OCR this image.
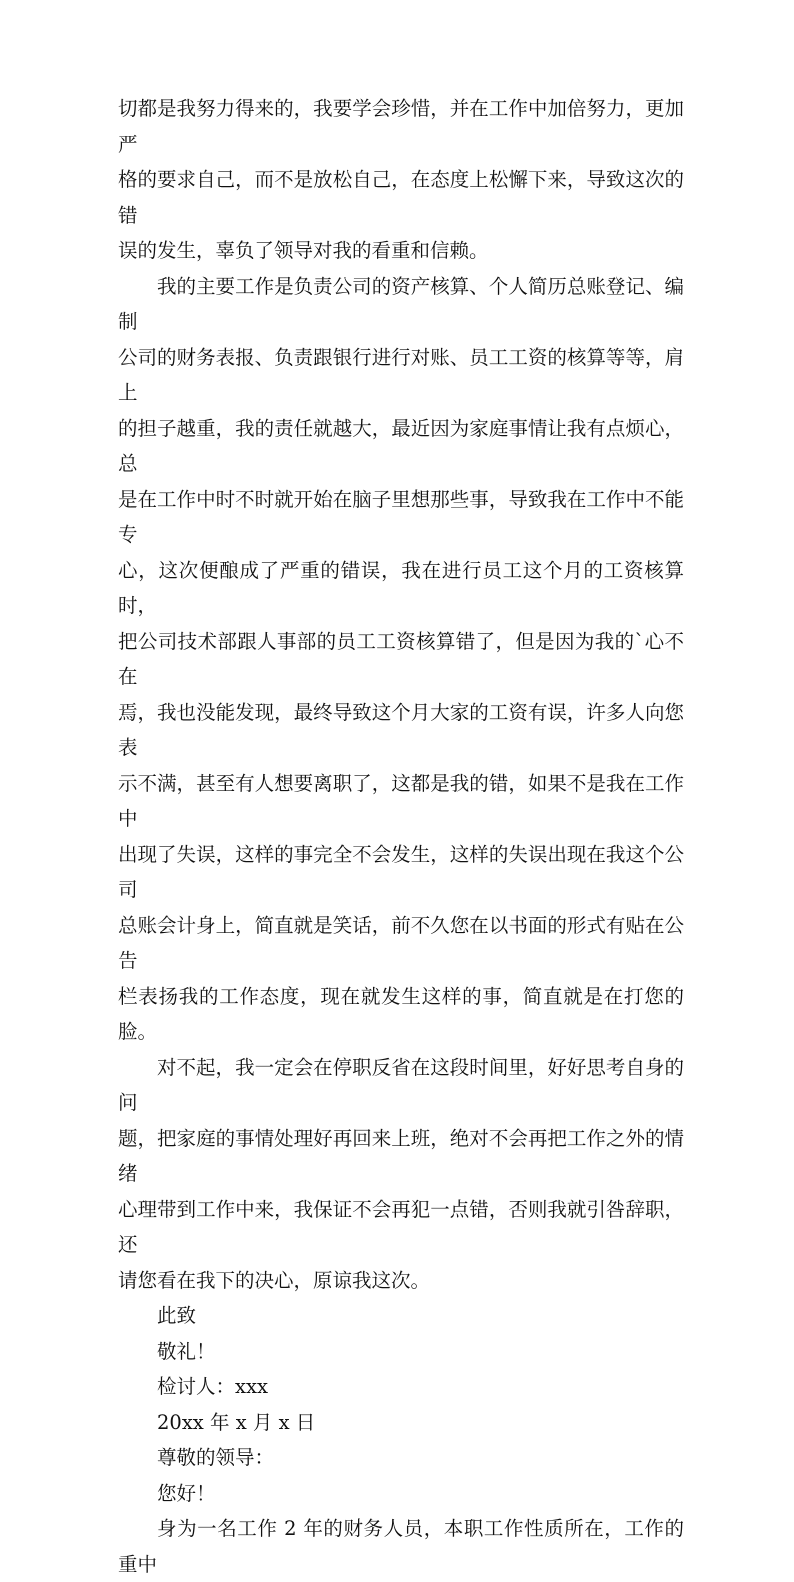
切都是我努力得来的，我要学会珍惜，并在工作中加倍努力，更加严
格的要求自己，而不是放松自己，在态度上松懈下来，导致这次的错
误的发生，辜负了领导对我的看重和信赖。

我的主要工作是负责公司的资产核算、个人简历总账登记、编制
公司的财务表报、负责跟银行进行对账、员工工资的核算等等，肩上
的担子越重，我的责任就越大，最近因为家庭事情让我有点烦心，总
是在工作中时不时就开始在脑子里想那些事，导致我在工作中不能专
心，这次便酿成了严重的错误，我在进行员工这个月的工资核算时，
把公司技术部跟人事部的员工工资核算错了，但是因为我的`心不在
焉，我也没能发现，最终导致这个月大家的工资有误，许多人向您表
示不满，甚至有人想要离职了，这都是我的错，如果不是我在工作中
出现了失误，这样的事完全不会发生，这样的失误出现在我这个公司
总账会计身上，简直就是笑话，前不久您在以书面的形式有贴在公告
栏表扬我的工作态度，现在就发生这样的事，简直就是在打您的脸。

对不起，我一定会在停职反省在这段时间里，好好思考自身的问
题，把家庭的事情处理好再回来上班，绝对不会再把工作之外的情绪
心理带到工作中来，我保证不会再犯一点错，否则我就引咎辞职，还
请您看在我下的决心，原谅我这次。

此致
敬礼！
检讨人：xxx
20xx 年 x 月 x 日

尊敬的领导：
您好！
身为一名工作 2 年的财务人员，本职工作性质所在，工作的重中
